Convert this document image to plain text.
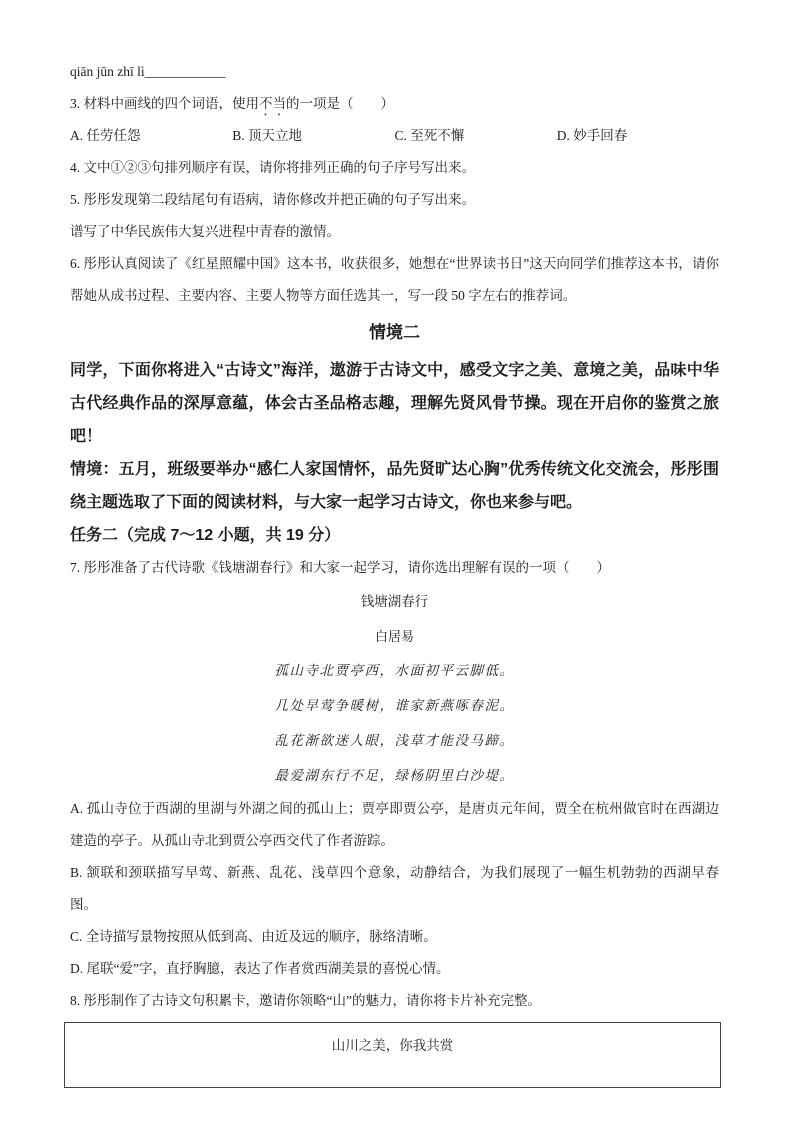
qiān jūn zhī lì____________

3. 材料中画线的四个词语，使用不当的一项是（　　）

A. 任劳任怨	B. 顶天立地	C. 至死不懈	D. 妙手回春

4. 文中①②③句排列顺序有误，请你将排列正确的句子序号写出来。

5. 彤彤发现第二段结尾句有语病，请你修改并把正确的句子写出来。

谱写了中华民族伟大复兴进程中青春的激情。

6. 彤彤认真阅读了《红星照耀中国》这本书，收获很多，她想在“世界读书日”这天向同学们推荐这本书，请你帮她从成书过程、主要内容、主要人物等方面任选其一，写一段 50 字左右的推荐词。

情境二

同学，下面你将进入“古诗文”海洋，遨游于古诗文中，感受文字之美、意境之美，品味中华古代经典作品的深厚意蕴，体会古圣品格志趣，理解先贤风骨节操。现在开启你的鉴赏之旅吧！

情境：五月，班级要举办“感仁人家国情怀，品先贤旷达心胸”优秀传统文化交流会，彤彤围绕主题选取了下面的阅读材料，与大家一起学习古诗文，你也来参与吧。

任务二（完成 7～12 小题，共 19 分）

7. 彤彤准备了古代诗歌《钱塘湖春行》和大家一起学习，请你选出理解有误的一项（　　）

钱塘湖春行

白居易

孤山寺北贾亭西，水面初平云脚低。

几处早莺争暖树，谁家新燕啄春泥。

乱花渐欲迷人眼，浅草才能没马蹄。

最爱湖东行不足，绿杨阴里白沙堤。

A. 孤山寺位于西湖的里湖与外湖之间的孤山上；贾亭即贾公亭，是唐贞元年间，贾全在杭州做官时在西湖边建造的亭子。从孤山寺北到贾公亭西交代了作者游踪。

B. 颔联和颈联描写早莺、新燕、乱花、浅草四个意象，动静结合，为我们展现了一幅生机勃勃的西湖早春图。

C. 全诗描写景物按照从低到高、由近及远的顺序，脉络清晰。

D. 尾联“爱”字，直抒胸臆，表达了作者赏西湖美景的喜悦心情。

8. 彤彤制作了古诗文句积累卡，邀请你领略“山”的魅力，请你将卡片补充完整。

山川之美，你我共赏
